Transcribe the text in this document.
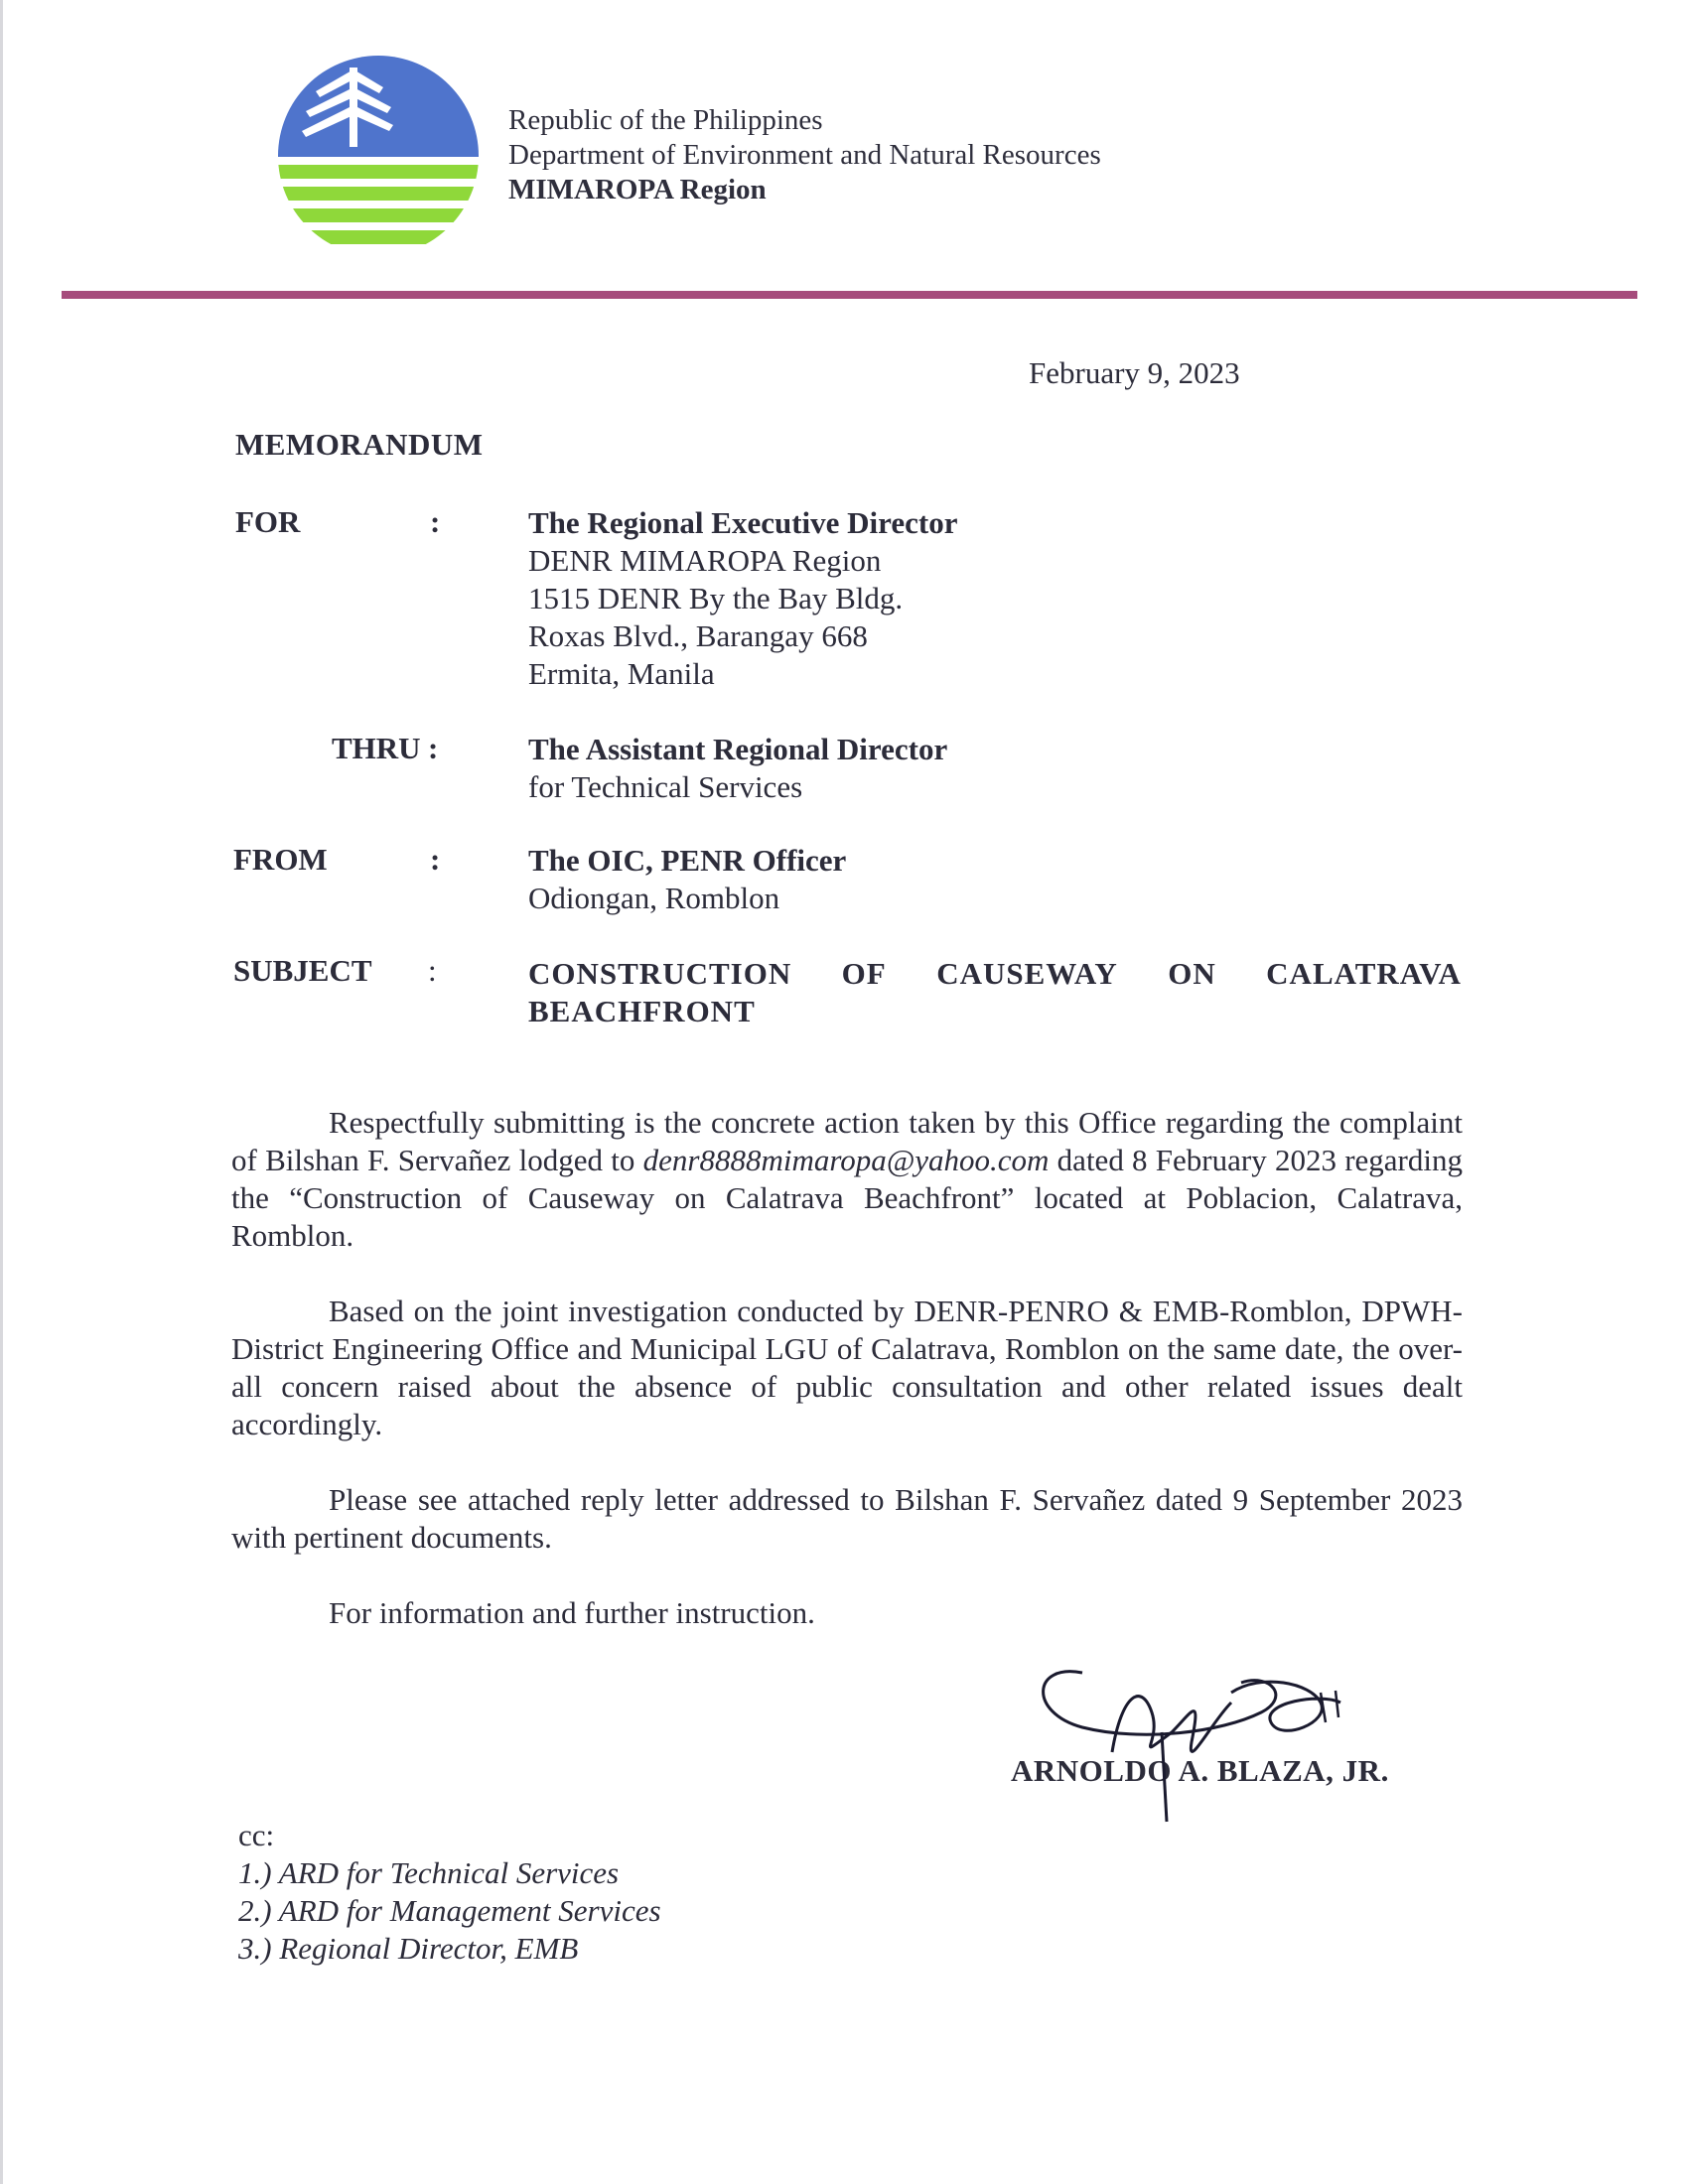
Republic of the Philippines
Department of Environment and Natural Resources
MIMAROPA Region
February 9, 2023
MEMORANDUM
FOR	:	The Regional Executive Director
DENR MIMAROPA Region
1515 DENR By the Bay Bldg.
Roxas Blvd., Barangay 668
Ermita, Manila
THRU :	The Assistant Regional Director
for Technical Services
FROM	:	The OIC, PENR Officer
Odiongan, Romblon
SUBJECT :	CONSTRUCTION OF CAUSEWAY ON CALATRAVA
BEACHFRONT
Respectfully submitting is the concrete action taken by this Office regarding the complaint of Bilshan F. Servañez lodged to denr8888mimaropa@yahoo.com dated 8 February 2023 regarding the “Construction of Causeway on Calatrava Beachfront” located at Poblacion, Calatrava, Romblon.
Based on the joint investigation conducted by DENR-PENRO & EMB-Romblon, DPWH-District Engineering Office and Municipal LGU of Calatrava, Romblon on the same date, the over-all concern raised about the absence of public consultation and other related issues dealt accordingly.
Please see attached reply letter addressed to Bilshan F. Servañez dated 9 September 2023 with pertinent documents.
For information and further instruction.
ARNOLDO A. BLAZA, JR.
cc:
1.) ARD for Technical Services
2.) ARD for Management Services
3.) Regional Director, EMB
